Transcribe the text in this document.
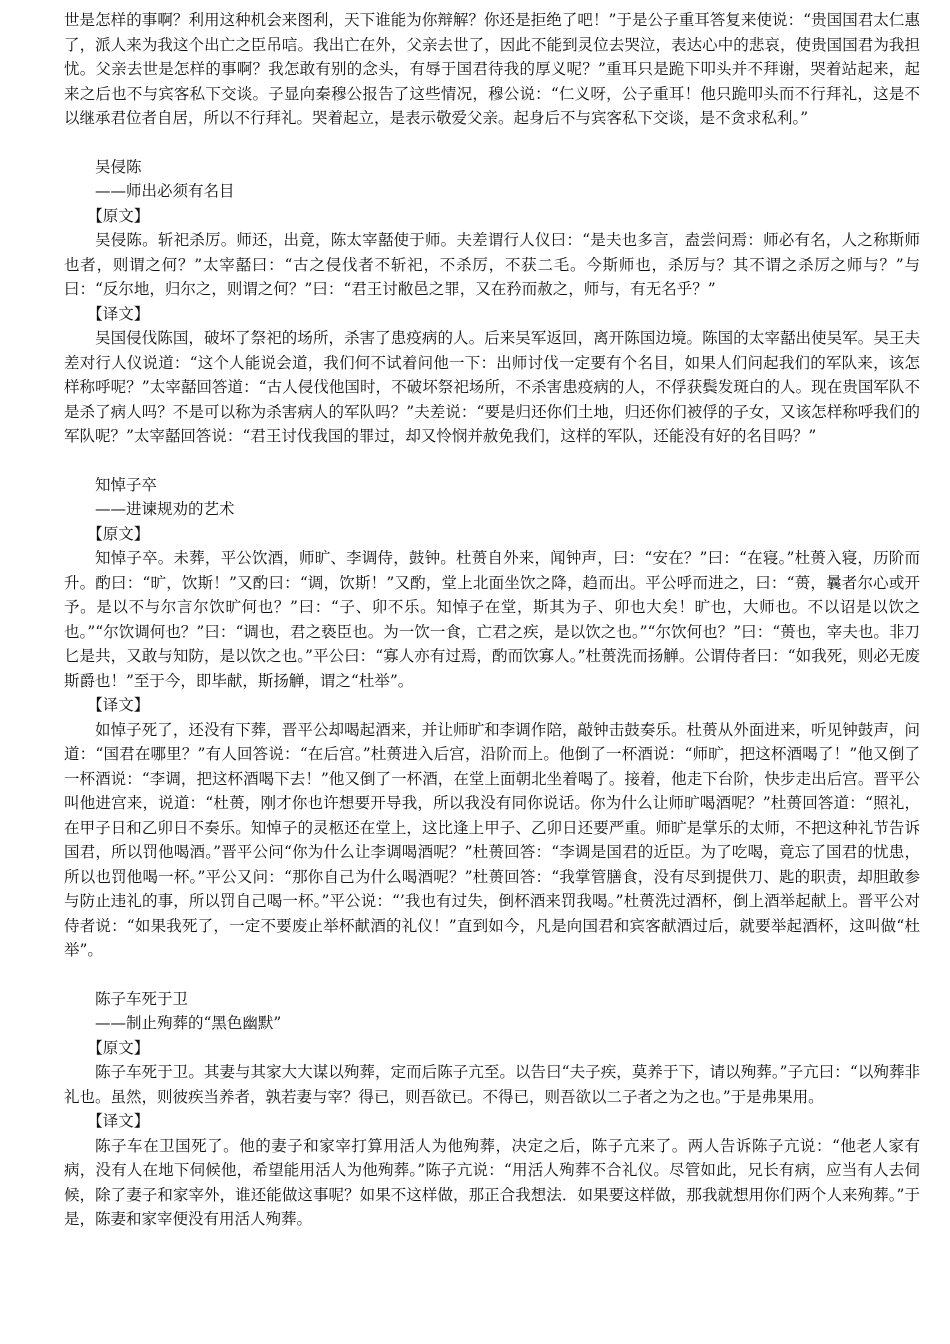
世是怎样的事啊？利用这种机会来图利，天下谁能为你辩解？你还是拒绝了吧！”于是公子重耳答复来使说：“贵国国君太仁惠了，派人来为我这个出亡之臣吊唁。我出亡在外，父亲去世了，因此不能到灵位去哭泣，表达心中的悲哀，使贵国国君为我担忧。父亲去世是怎样的事啊？我怎敢有别的念头，有辱于国君待我的厚义呢？”重耳只是跪下叩头并不拜谢，哭着站起来，起来之后也不与宾客私下交谈。子显向秦穆公报告了这些情况，穆公说：“仁义呀，公子重耳！他只跪叩头而不行拜礼，这是不以继承君位者自居，所以不行拜礼。哭着起立，是表示敬爱父亲。起身后不与宾客私下交谈，是不贪求私利。”

吴侵陈

——师出必须有名目

【原文】

吴侵陈。斩祀杀厉。师还，出竟，陈太宰嚭使于师。夫差谓行人仪曰：“是夫也多言，盍尝问焉：师必有名，人之称斯师也者，则谓之何？”太宰嚭曰：“古之侵伐者不斩祀，不杀厉，不获二毛。今斯师也，杀厉与？其不谓之杀厉之师与？”与曰：“反尔地，归尔之，则谓之何？”曰：“君王讨敝邑之罪，又在矜而赦之，师与，有无名乎？”

【译文】

吴国侵伐陈国，破坏了祭祀的场所，杀害了患疫病的人。后来吴军返回，离开陈国边境。陈国的太宰嚭出使吴军。吴王夫差对行人仪说道：“这个人能说会道，我们何不试着问他一下：出师讨伐一定要有个名目，如果人们问起我们的军队来，该怎样称呼呢？”太宰嚭回答道：“古人侵伐他国时，不破坏祭祀场所，不杀害患疫病的人，不俘获鬓发斑白的人。现在贵国军队不是杀了病人吗？不是可以称为杀害病人的军队吗？”夫差说：“要是归还你们土地，归还你们被俘的子女，又该怎样称呼我们的军队呢？”太宰嚭回答说：“君王讨伐我国的罪过，却又怜悯并赦免我们，这样的军队，还能没有好的名目吗？”

知悼子卒

——进谏规劝的艺术

【原文】

知悼子卒。未葬，平公饮酒，师旷、李调侍，鼓钟。杜蒉自外来，闻钟声，曰：“安在？”曰：“在寝。”杜蒉入寝，历阶而升。酌曰：“旷，饮斯！”又酌曰：“调，饮斯！”又酌，堂上北面坐饮之降，趋而出。平公呼而进之，曰：“蒉，曩者尔心或开予。是以不与尔言尔饮旷何也？”曰：“子、卯不乐。知悼子在堂，斯其为子、卯也大矣！旷也，大师也。不以诏是以饮之也。”“尔饮调何也？”曰：“调也，君之亵臣也。为一饮一食，亡君之疾，是以饮之也。”“尔饮何也？”曰：“蒉也，宰夫也。非刀匕是共，又敢与知防，是以饮之也。”平公曰：“寡人亦有过焉，酌而饮寡人。”杜蒉洗而扬觯。公谓侍者曰：“如我死，则必无废斯爵也！”至于今，即毕献，斯扬觯，谓之“杜举”。

【译文】

如悼子死了，还没有下葬，晋平公却喝起酒来，并让师旷和李调作陪，敲钟击鼓奏乐。杜蒉从外面进来，听见钟鼓声，问道：“国君在哪里？”有人回答说：“在后宫。”杜蒉进入后宫，沿阶而上。他倒了一杯酒说：“师旷，把这杯酒喝了！”他又倒了一杯酒说：“李调，把这杯酒喝下去！”他又倒了一杯酒，在堂上面朝北坐着喝了。接着，他走下台阶，快步走出后宫。晋平公叫他进宫来，说道：“杜蒉，刚才你也许想要开导我，所以我没有同你说话。你为什么让师旷喝酒呢？”杜蒉回答道：“照礼，在甲子日和乙卯日不奏乐。知悼子的灵柩还在堂上，这比逢上甲子、乙卯日还要严重。师旷是掌乐的太师，不把这种礼节告诉国君，所以罚他喝酒。”晋平公问“你为什么让李调喝酒呢？”杜蒉回答：“李调是国君的近臣。为了吃喝，竟忘了国君的忧患，所以也罚他喝一杯。”平公又问：“那你自己为什么喝酒呢？”杜蒉回答：“我掌管膳食，没有尽到提供刀、匙的职责，却胆敢参与防止违礼的事，所以罚自己喝一杯。”平公说：“’我也有过失，倒杯酒来罚我喝。”杜蒉洗过酒杯，倒上酒举起献上。晋平公对侍者说：“如果我死了，一定不要废止举杯献酒的礼仪！”直到如今，凡是向国君和宾客献酒过后，就要举起酒杯，这叫做“杜举”。

陈子车死于卫

——制止殉葬的“黑色幽默”

【原文】

陈子车死于卫。其妻与其家大大谋以殉葬，定而后陈子亢至。以告曰“夫子疾，莫养于下，请以殉葬。”子亢曰：“以殉葬非礼也。虽然，则彼疾当养者，孰若妻与宰？得已，则吾欲已。不得已，则吾欲以二子者之为之也。”于是弗果用。

【译文】

陈子车在卫国死了。他的妻子和家宰打算用活人为他殉葬，决定之后，陈子亢来了。两人告诉陈子亢说：“他老人家有病，没有人在地下伺候他，希望能用活人为他殉葬。”陈子亢说：“用活人殉葬不合礼仪。尽管如此，兄长有病，应当有人去伺候，除了妻子和家宰外，谁还能做这事呢？如果不这样做，那正合我想法．如果要这样做，那我就想用你们两个人来殉葬。”于是，陈妻和家宰便没有用活人殉葬。
